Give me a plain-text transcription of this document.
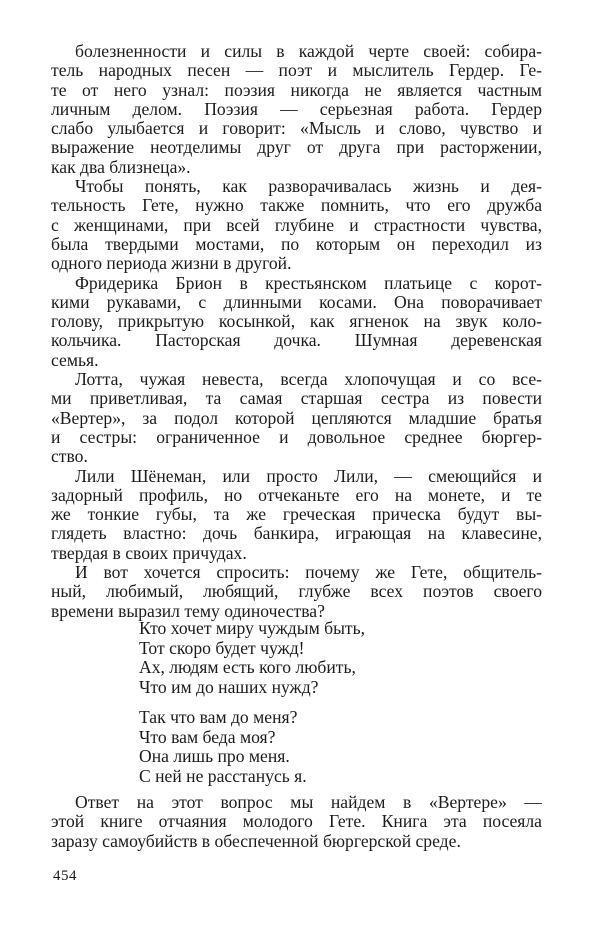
болезненности и силы в каждой черте своей: собира-
тель народных песен — поэт и мыслитель Гердер. Ге-
те от него узнал: поэзия никогда не является частным
личным делом. Поэзия — серьезная работа. Гердер
слабо улыбается и говорит: «Мысль и слово, чувство и
выражение неотделимы друг от друга при расторжении,
как два близнеца».
Чтобы понять, как разворачивалась жизнь и дея-
тельность Гете, нужно также помнить, что его дружба
с женщинами, при всей глубине и страстности чувства,
была твердыми мостами, по которым он переходил из
одного периода жизни в другой.
Фридерика Брион в крестьянском платьице с корот-
кими рукавами, с длинными косами. Она поворачивает
голову, прикрытую косынкой, как ягненок на звук коло-
кольчика. Пасторская дочка. Шумная деревенская
семья.
Лотта, чужая невеста, всегда хлопочущая и со все-
ми приветливая, та самая старшая сестра из повести
«Вертер», за подол которой цепляются младшие братья
и сестры: ограниченное и довольное среднее бюргер-
ство.
Лили Шёнеман, или просто Лили, — смеющийся и
задорный профиль, но отчеканьте его на монете, и те
же тонкие губы, та же греческая прическа будут вы-
глядеть властно: дочь банкира, играющая на клавесине,
твердая в своих причудах.
И вот хочется спросить: почему же Гете, общитель-
ный, любимый, любящий, глубже всех поэтов своего
времени выразил тему одиночества?
Кто хочет миру чуждым быть,
Тот скоро будет чужд!
Ах, людям есть кого любить,
Что им до наших нужд?
Так что вам до меня?
Что вам беда моя?
Она лишь про меня.
С ней не расстанусь я.
Ответ на этот вопрос мы найдем в «Вертере» —
этой книге отчаяния молодого Гете. Книга эта посеяла
заразу самоубийств в обеспеченной бюргерской среде.
454
